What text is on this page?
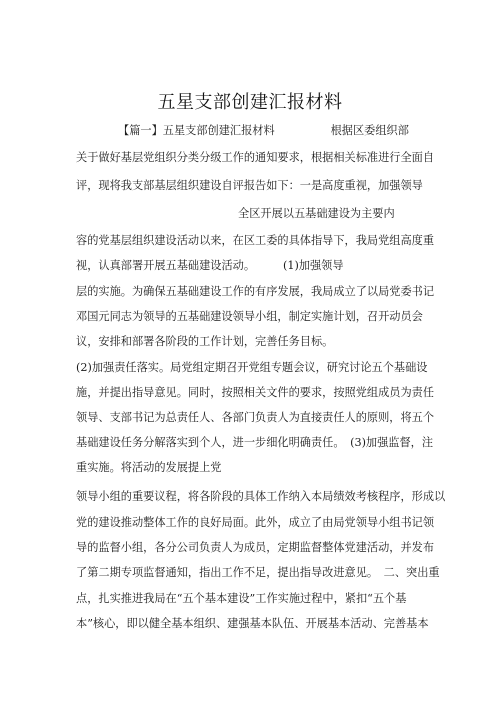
五星支部创建汇报材料
【篇一】五星支部创建汇报材料　　　　　根据区委组织部
关于做好基层党组织分类分级工作的通知要求，根据相关标准进行全面自
评，现将我支部基层组织建设自评报告如下：一是高度重视，加强领导
全区开展以五基础建设为主要内
容的党基层组织建设活动以来，在区工委的具体指导下，我局党组高度重
视，认真部署开展五基础建设活动。　　　(1)加强领导
层的实施。为确保五基础建设工作的有序发展，我局成立了以局党委书记
邓国元同志为领导的五基础建设领导小组，制定实施计划，召开动员会
议，安排和部署各阶段的工作计划，完善任务目标。
(2)加强责任落实。局党组定期召开党组专题会议，研究讨论五个基础设
施，并提出指导意见。同时，按照相关文件的要求，按照党组成员为责任
领导、支部书记为总责任人、各部门负责人为直接责任人的原则，将五个
基础建设任务分解落实到个人，进一步细化明确责任。　(3)加强监督，注
重实施。将活动的发展提上党
领导小组的重要议程，将各阶段的具体工作纳入本局绩效考核程序，形成以
党的建设推动整体工作的良好局面。此外，成立了由局党领导小组书记领
导的监督小组，各分公司负责人为成员，定期监督整体党建活动，并发布
了第二期专项监督通知，指出工作不足，提出指导改进意见。　二、突出重
点，扎实推进我局在“五个基本建设”工作实施过程中，紧扣“五个基
本”核心，即以健全基本组织、建强基本队伍、开展基本活动、完善基本
